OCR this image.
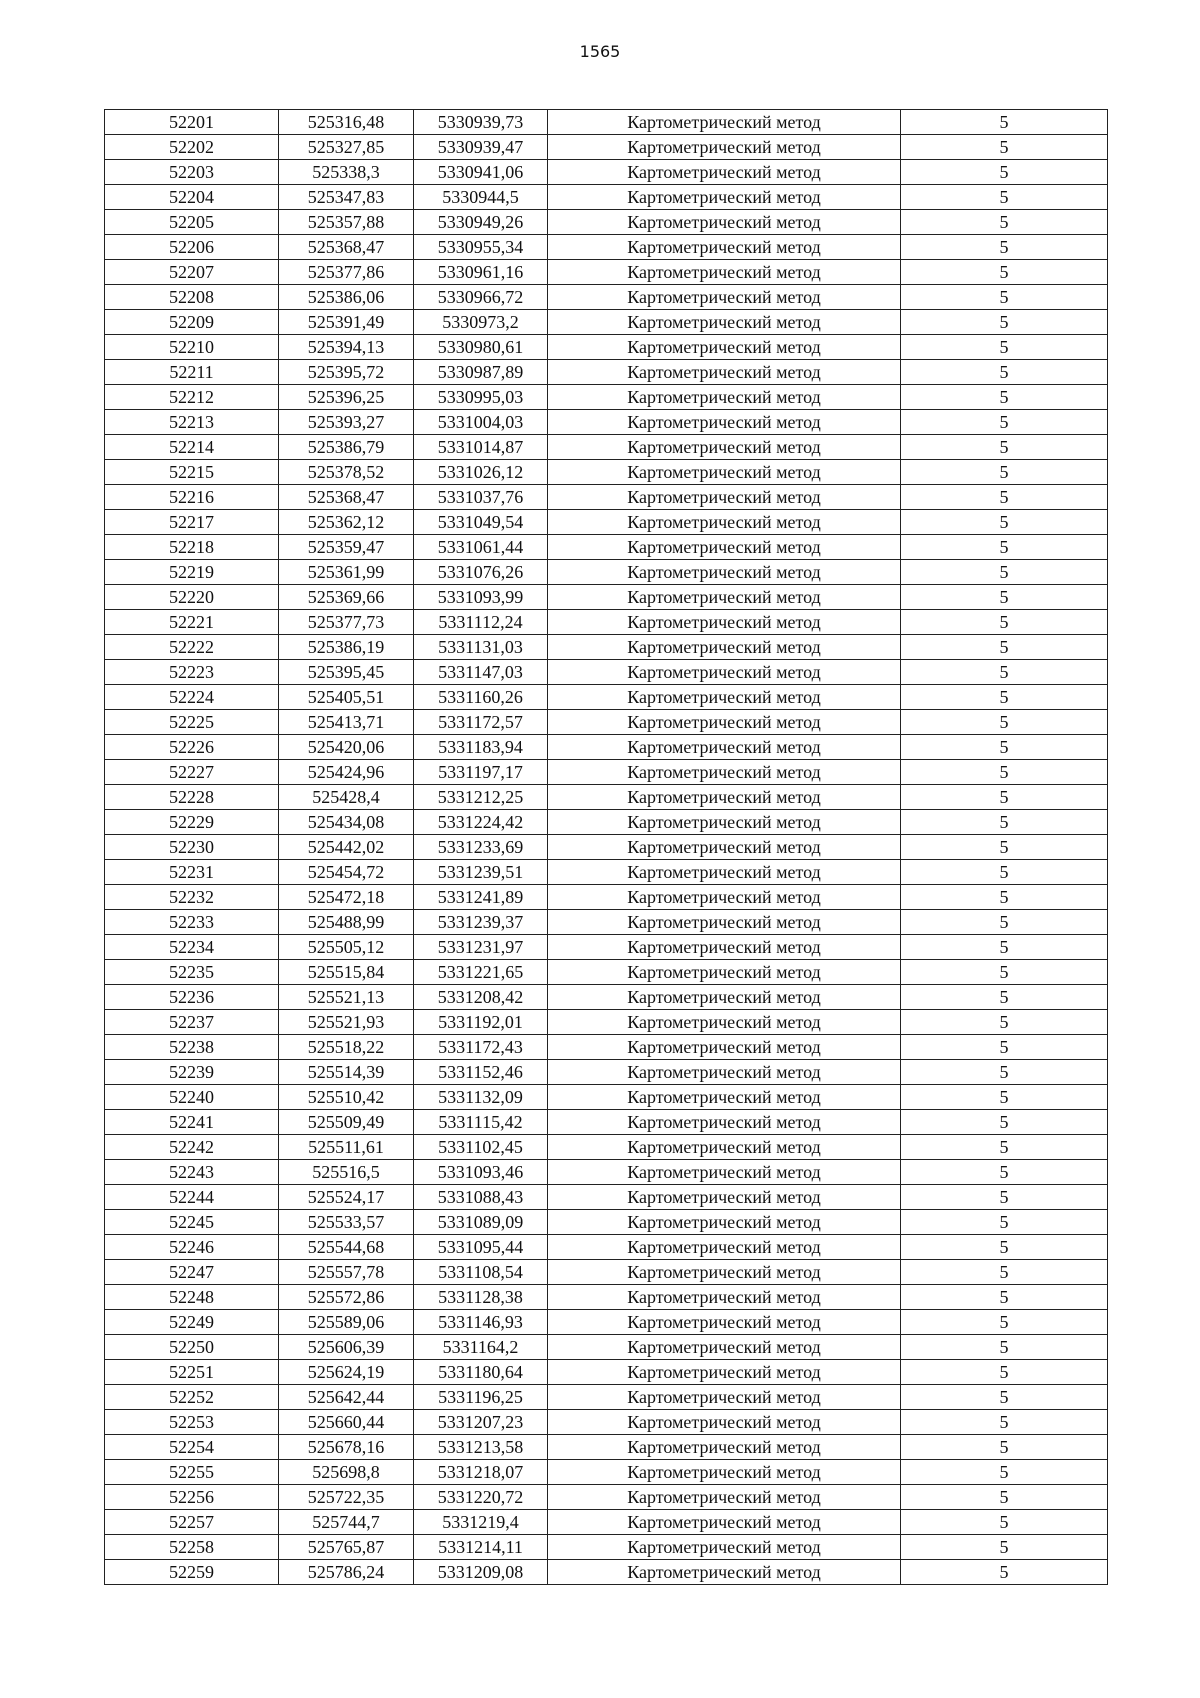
1565
52201	525316,48	5330939,73	Картометрический метод	5
52202	525327,85	5330939,47	Картометрический метод	5
52203	525338,3	5330941,06	Картометрический метод	5
52204	525347,83	5330944,5	Картометрический метод	5
52205	525357,88	5330949,26	Картометрический метод	5
52206	525368,47	5330955,34	Картометрический метод	5
52207	525377,86	5330961,16	Картометрический метод	5
52208	525386,06	5330966,72	Картометрический метод	5
52209	525391,49	5330973,2	Картометрический метод	5
52210	525394,13	5330980,61	Картометрический метод	5
52211	525395,72	5330987,89	Картометрический метод	5
52212	525396,25	5330995,03	Картометрический метод	5
52213	525393,27	5331004,03	Картометрический метод	5
52214	525386,79	5331014,87	Картометрический метод	5
52215	525378,52	5331026,12	Картометрический метод	5
52216	525368,47	5331037,76	Картометрический метод	5
52217	525362,12	5331049,54	Картометрический метод	5
52218	525359,47	5331061,44	Картометрический метод	5
52219	525361,99	5331076,26	Картометрический метод	5
52220	525369,66	5331093,99	Картометрический метод	5
52221	525377,73	5331112,24	Картометрический метод	5
52222	525386,19	5331131,03	Картометрический метод	5
52223	525395,45	5331147,03	Картометрический метод	5
52224	525405,51	5331160,26	Картометрический метод	5
52225	525413,71	5331172,57	Картометрический метод	5
52226	525420,06	5331183,94	Картометрический метод	5
52227	525424,96	5331197,17	Картометрический метод	5
52228	525428,4	5331212,25	Картометрический метод	5
52229	525434,08	5331224,42	Картометрический метод	5
52230	525442,02	5331233,69	Картометрический метод	5
52231	525454,72	5331239,51	Картометрический метод	5
52232	525472,18	5331241,89	Картометрический метод	5
52233	525488,99	5331239,37	Картометрический метод	5
52234	525505,12	5331231,97	Картометрический метод	5
52235	525515,84	5331221,65	Картометрический метод	5
52236	525521,13	5331208,42	Картометрический метод	5
52237	525521,93	5331192,01	Картометрический метод	5
52238	525518,22	5331172,43	Картометрический метод	5
52239	525514,39	5331152,46	Картометрический метод	5
52240	525510,42	5331132,09	Картометрический метод	5
52241	525509,49	5331115,42	Картометрический метод	5
52242	525511,61	5331102,45	Картометрический метод	5
52243	525516,5	5331093,46	Картометрический метод	5
52244	525524,17	5331088,43	Картометрический метод	5
52245	525533,57	5331089,09	Картометрический метод	5
52246	525544,68	5331095,44	Картометрический метод	5
52247	525557,78	5331108,54	Картометрический метод	5
52248	525572,86	5331128,38	Картометрический метод	5
52249	525589,06	5331146,93	Картометрический метод	5
52250	525606,39	5331164,2	Картометрический метод	5
52251	525624,19	5331180,64	Картометрический метод	5
52252	525642,44	5331196,25	Картометрический метод	5
52253	525660,44	5331207,23	Картометрический метод	5
52254	525678,16	5331213,58	Картометрический метод	5
52255	525698,8	5331218,07	Картометрический метод	5
52256	525722,35	5331220,72	Картометрический метод	5
52257	525744,7	5331219,4	Картометрический метод	5
52258	525765,87	5331214,11	Картометрический метод	5
52259	525786,24	5331209,08	Картометрический метод	5
